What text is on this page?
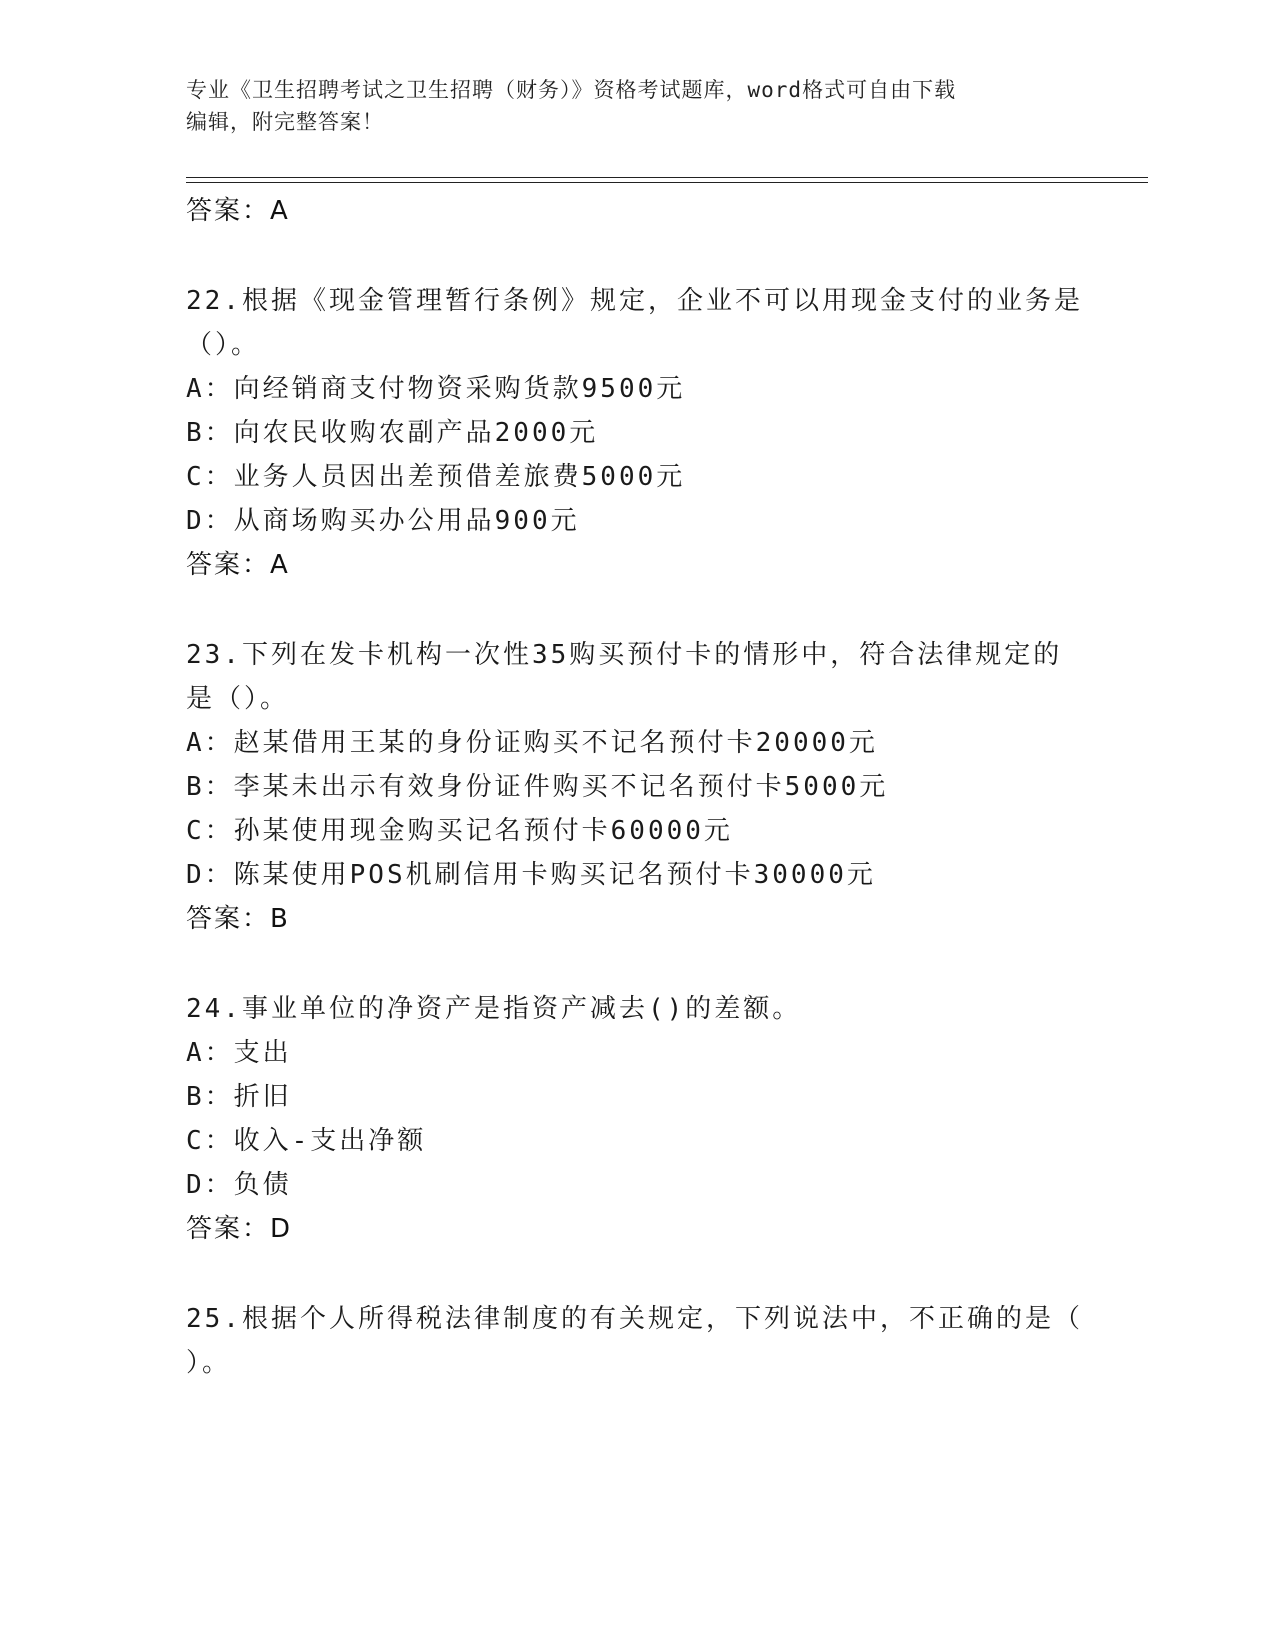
专业《卫生招聘考试之卫生招聘（财务）》资格考试题库，word格式可自由下载
编辑，附完整答案！
答案：A
22.根据《现金管理暂行条例》规定，企业不可以用现金支付的业务是
（）。
A：向经销商支付物资采购货款9500元
B：向农民收购农副产品2000元
C：业务人员因出差预借差旅费5000元
D：从商场购买办公用品900元
答案：A
23.下列在发卡机构一次性35购买预付卡的情形中，符合法律规定的
是（）。
A：赵某借用王某的身份证购买不记名预付卡20000元
B：李某未出示有效身份证件购买不记名预付卡5000元
C：孙某使用现金购买记名预付卡60000元
D：陈某使用POS机刷信用卡购买记名预付卡30000元
答案：B
24.事业单位的净资产是指资产减去()的差额。
A：支出
B：折旧
C：收入-支出净额
D：负债
答案：D
25.根据个人所得税法律制度的有关规定，下列说法中，不正确的是（
）。
